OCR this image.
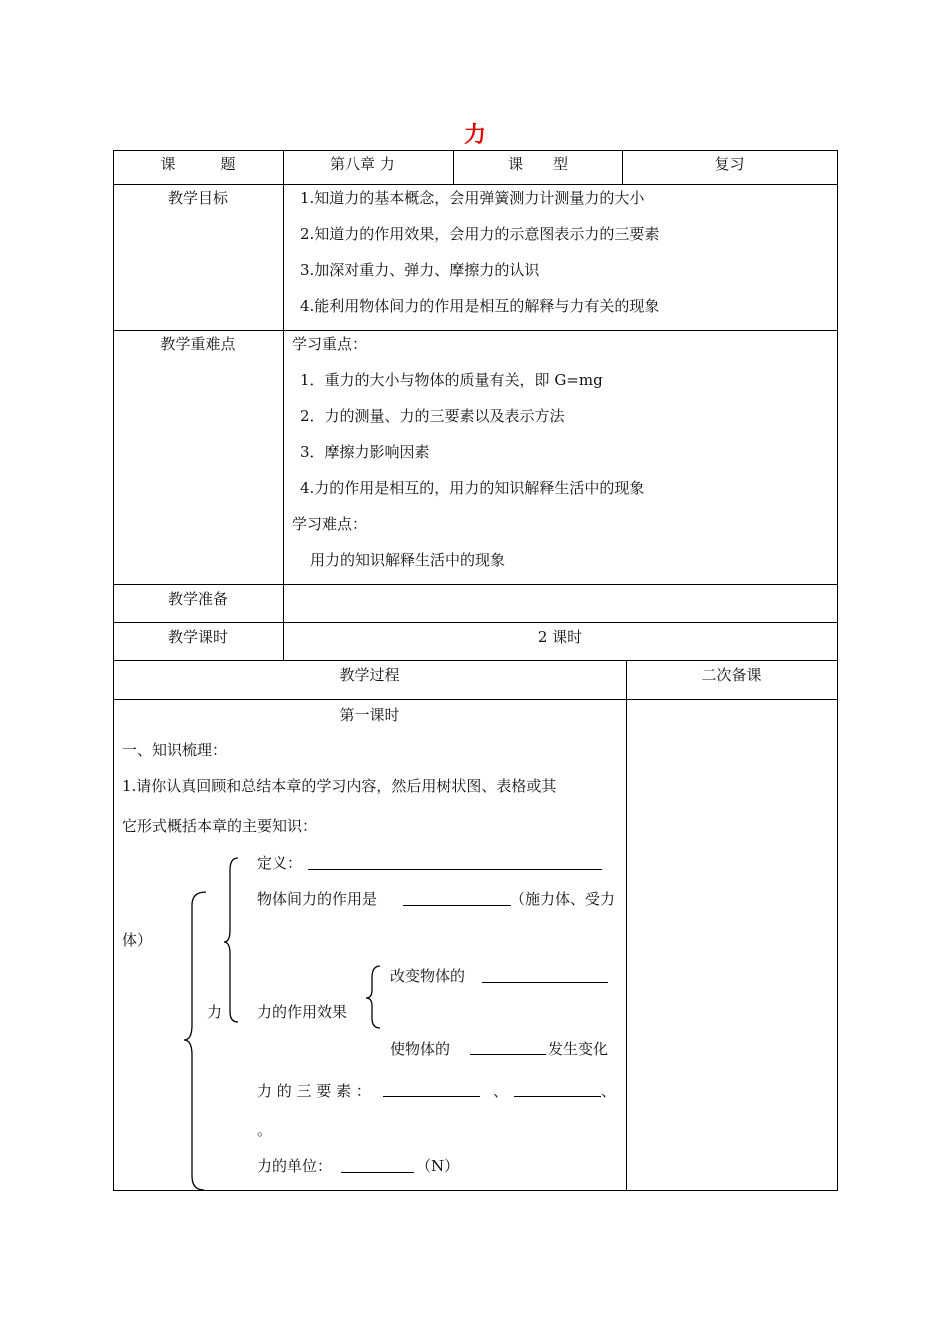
力
课　　　题	第八章 力	课　　型	复习
教学目标	1.知道力的基本概念，会用弹簧测力计测量力的大小
2.知道力的作用效果，会用力的示意图表示力的三要素
3.加深对重力、弹力、摩擦力的认识
4.能利用物体间力的作用是相互的解释与力有关的现象
教学重难点	学习重点：
1．重力的大小与物体的质量有关，即 G=mg
2．力的测量、力的三要素以及表示方法
3．摩擦力影响因素
4.力的作用是相互的，用力的知识解释生活中的现象
学习难点：
用力的知识解释生活中的现象
教学准备
教学课时	2 课时
教学过程	二次备课
第一课时
一、知识梳理：
1.请你认真回顾和总结本章的学习内容，然后用树状图、表格或其
它形式概括本章的主要知识：
力
定义：
物体间力的作用是	（施力体、受力
体）
改变物体的
力的作用效果
使物体的	发生变化
力 的 三 要 素 ：	、	、
。
力的单位：	（N）
